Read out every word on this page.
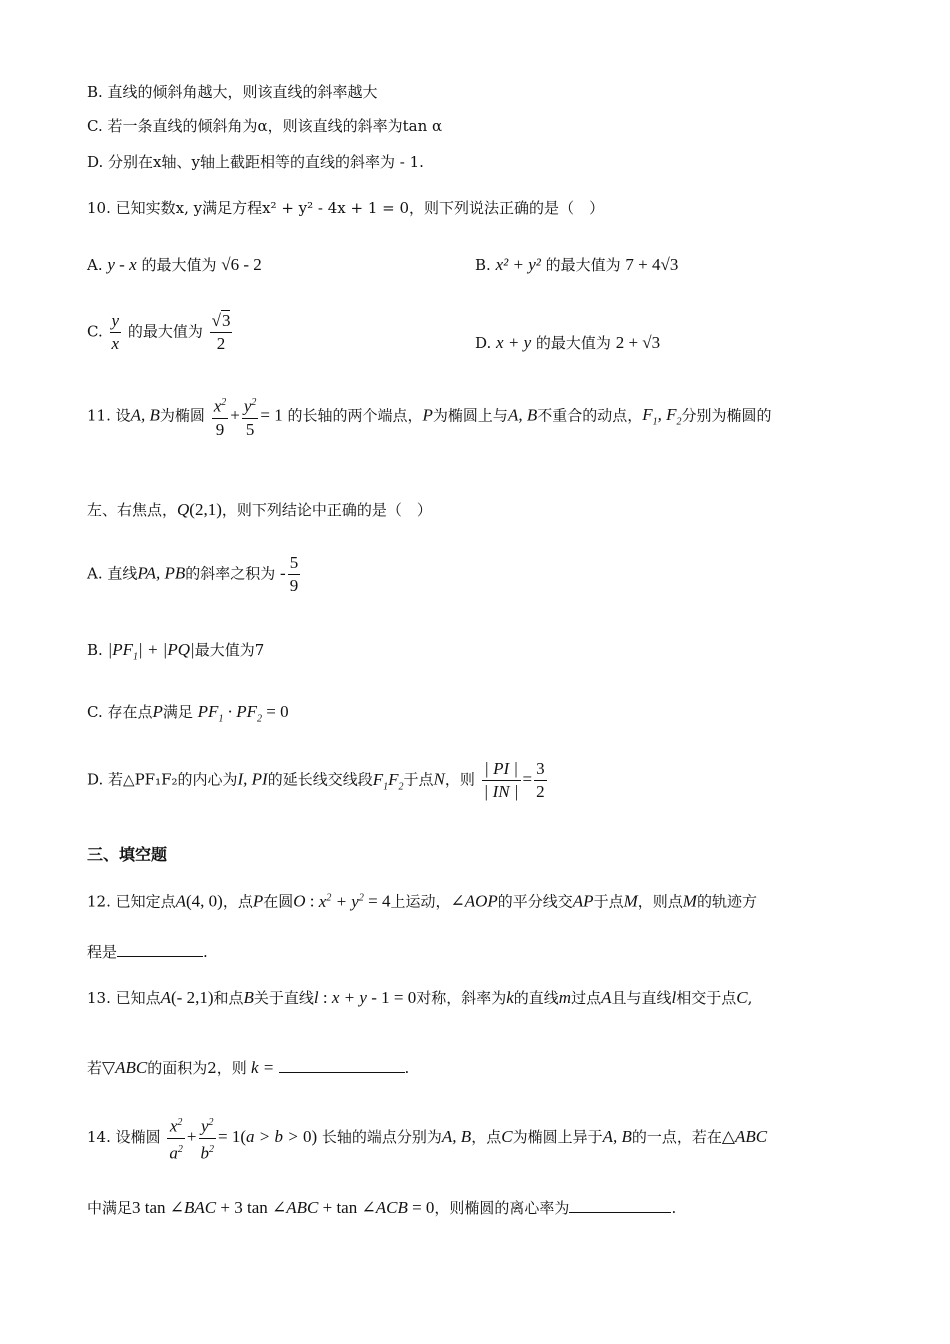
B. 直线的倾斜角越大，则该直线的斜率越大
C. 若一条直线的倾斜角为α，则该直线的斜率为tan α
D. 分别在x轴、y轴上截距相等的直线的斜率为 - 1.
10. 已知实数x, y满足方程x² + y² - 4x + 1 = 0，则下列说法正确的是（　）
A. y - x 的最大值为 √6 - 2	B. x² + y² 的最大值为 7 + 4√3
C. $\frac{y}{x}$ 的最大值为 $\frac{√3}{2}$	D. x + y 的最大值为 2 + √3
11. 设A, B为椭圆 $\frac{x^2}{9} + \frac{y^2}{5} = 1$ 的长轴的两个端点，P为椭圆上与A, B不重合的动点，$F_1$, $F_2$分别为椭圆的
左、右焦点，Q(2,1)，则下列结论中正确的是（　）
A. 直线PA, PB的斜率之积为 - $\frac{5}{9}$
B. $|PF_1| + |PQ|$最大值为7
C. 存在点P满足 $PF_1 \cdot PF_2 = 0$
D. 若△PF₁F₂的内心为I, PI的延长线交线段$F_1F_2$于点N，则 $\frac{| PI |}{| IN |} = \frac{3}{2}$
三、填空题
12. 已知定点A(4, 0)，点P在圆O : $x^2 + y^2 = 4$上运动，∠AOP的平分线交AP于点M，则点M的轨迹方
程是	.
13. 已知点A(- 2,1)和点B关于直线l : x + y - 1 = 0对称，斜率为k的直线m过点A且与直线l相交于点C,
若▽ABC的面积为2，则 k =	.
14. 设椭圆 $\frac{x^2}{a^2} + \frac{y^2}{b^2} = 1(a > b > 0)$ 长轴的端点分别为A, B，点C为椭圆上异于A, B的一点，若在△ABC
中满足3 tan ∠BAC + 3 tan ∠ABC + tan ∠ACB = 0，则椭圆的离心率为	.
